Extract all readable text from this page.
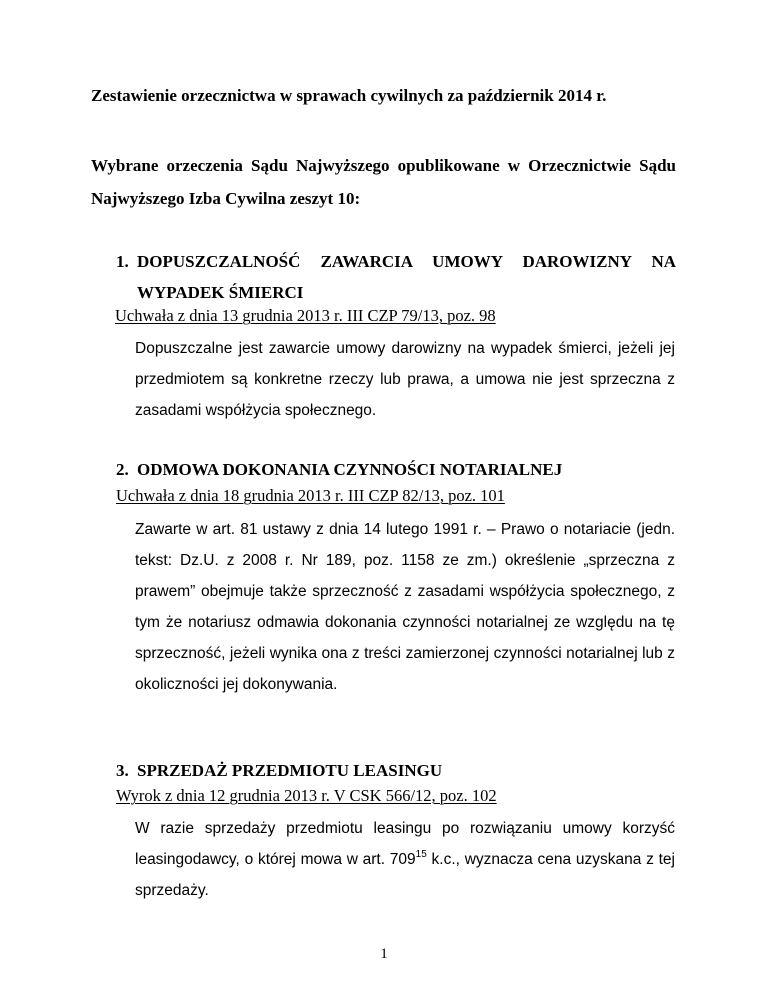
Zestawienie orzecznictwa w sprawach cywilnych za październik 2014 r.
Wybrane orzeczenia Sądu Najwyższego opublikowane w Orzecznictwie Sądu Najwyższego Izba Cywilna zeszyt 10:
1. DOPUSZCZALNOŚĆ ZAWARCIA UMOWY DAROWIZNY NA
WYPADEK ŚMIERCI
Uchwała z dnia 13 grudnia 2013 r. III CZP 79/13, poz. 98
Dopuszczalne jest zawarcie umowy darowizny na wypadek śmierci, jeżeli jej przedmiotem są konkretne rzeczy lub prawa, a umowa nie jest sprzeczna z zasadami współżycia społecznego.
2. ODMOWA DOKONANIA CZYNNOŚCI NOTARIALNEJ
Uchwała z dnia 18 grudnia 2013 r. III CZP 82/13, poz. 101
Zawarte w art. 81 ustawy z dnia 14 lutego 1991 r. – Prawo o notariacie (jedn. tekst: Dz.U. z 2008 r. Nr 189, poz. 1158 ze zm.) określenie „sprzeczna z prawem” obejmuje także sprzeczność z zasadami współżycia społecznego, z tym że notariusz odmawia dokonania czynności notarialnej ze względu na tę sprzeczność, jeżeli wynika ona z treści zamierzonej czynności notarialnej lub z okoliczności jej dokonywania.
3. SPRZEDAŻ PRZEDMIOTU LEASINGU
Wyrok z dnia 12 grudnia 2013 r. V CSK 566/12, poz. 102
W razie sprzedaży przedmiotu leasingu po rozwiązaniu umowy korzyść leasingodawcy, o której mowa w art. $709^{15}$ k.c., wyznacza cena uzyskana z tej sprzedaży.
1
